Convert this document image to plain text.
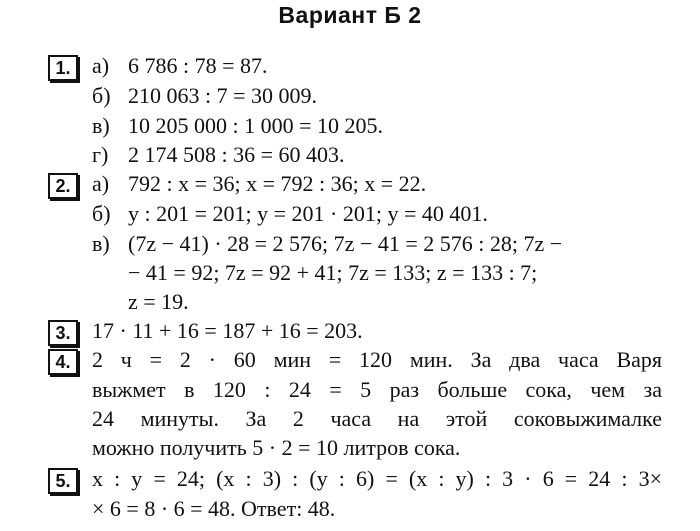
Вариант Б 2
1. а) 6 786 : 78 = 87.
б) 210 063 : 7 = 30 009.
в) 10 205 000 : 1 000 = 10 205.
г) 2 174 508 : 36 = 60 403.
2. а) 792 : x = 36; x = 792 : 36; x = 22.
б) y : 201 = 201; y = 201 · 201; y = 40 401.
в) (7z − 41) · 28 = 2 576; 7z − 41 = 2 576 : 28; 7z −
− 41 = 92; 7z = 92 + 41; 7z = 133; z = 133 : 7;
z = 19.
3. 17 · 11 + 16 = 187 + 16 = 203.
4. 2 ч = 2 · 60 мин = 120 мин. За два часа Варя
выжмет в 120 : 24 = 5 раз больше сока, чем за
24 минуты. За 2 часа на этой соковыжималке
можно получить 5 · 2 = 10 литров сока.
5. x : y = 24; (x : 3) : (y : 6) = (x : y) : 3 · 6 = 24 : 3×
× 6 = 8 · 6 = 48. Ответ: 48.
